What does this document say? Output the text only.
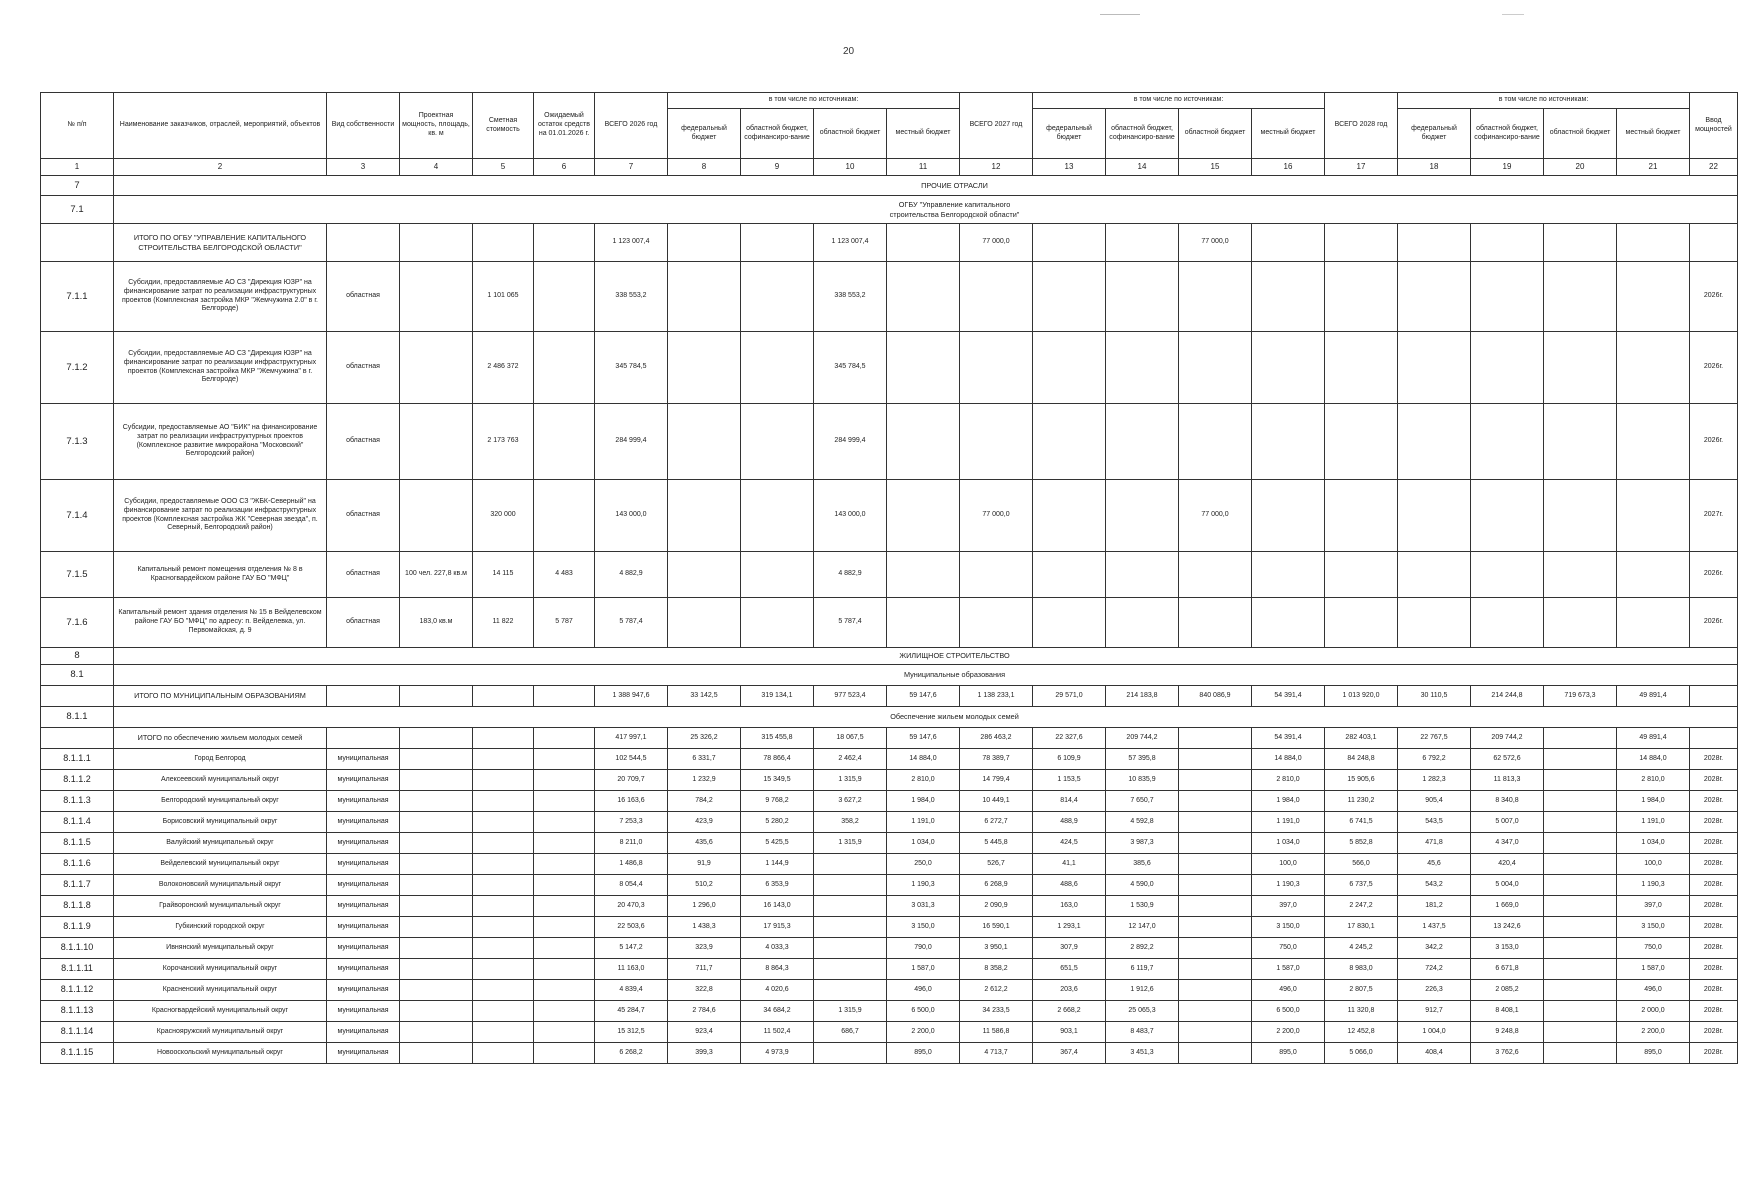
20
№ п/п	Наименование заказчиков, отраслей, мероприятий, объектов	Вид собственности	Проектная мощность, площадь, кв. м	Сметная стоимость	Ожидаемый остаток средств на 01.01.2026 г.	ВСЕГО 2026 год	в том числе по источникам:				ВСЕГО 2027 год	в том числе по источникам:				ВСЕГО 2028 год	в том числе по источникам:				Ввод мощностей
							федеральный бюджет	областной бюджет, софинансиро-вание	областной бюджет	местный бюджет		федеральный бюджет	областной бюджет, софинансиро-вание	областной бюджет	местный бюджет		федеральный бюджет	областной бюджет, софинансиро-вание	областной бюджет	местный бюджет	
1	2	3	4	5	6	7	8	9	10	11	12	13	14	15	16	17	18	19	20	21	22
7	ПРОЧИЕ ОТРАСЛИ																				
7.1	ОГБУ "Управление капитального строительства Белгородской области"																				
	ИТОГО ПО ОГБУ "УПРАВЛЕНИЕ КАПИТАЛЬНОГО СТРОИТЕЛЬСТВА БЕЛГОРОДСКОЙ ОБЛАСТИ"					1 123 007,4			1 123 007,4		77 000,0			77 000,0							
7.1.1	Субсидии, предоставляемые АО СЗ "Дирекция ЮЗР" на финансирование затрат по реализации инфраструктурных проектов (Комплексная застройка МКР "Жемчужина 2.0" в г. Белгороде)	областная		1 101 065		338 553,2			338 553,2												2026г.
7.1.2	Субсидии, предоставляемые АО СЗ "Дирекция ЮЗР" на финансирование затрат по реализации инфраструктурных проектов (Комплексная застройка МКР "Жемчужина" в г. Белгороде)	областная		2 486 372		345 784,5			345 784,5												2026г.
7.1.3	Субсидии, предоставляемые АО "БИК" на финансирование затрат по реализации инфраструктурных проектов (Комплексное развитие микрорайона "Московский" Белгородский район)	областная		2 173 763		284 999,4			284 999,4												2026г.
7.1.4	Субсидии, предоставляемые ООО СЗ "ЖБК-Северный" на финансирование затрат по реализации инфраструктурных проектов (Комплексная застройка ЖК "Северная звезда", п. Северный, Белгородский район)	областная		320 000		143 000,0			143 000,0		77 000,0			77 000,0							2027г.
7.1.5	Капитальный ремонт помещения отделения № 8 в Красногвардейском районе ГАУ БО "МФЦ"	областная	100 чел. 227,8 кв.м	14 115	4 483	4 882,9			4 882,9												2026г.
7.1.6	Капитальный ремонт здания отделения № 15 в Вейделевском районе ГАУ БО "МФЦ" по адресу: п. Вейделевка, ул. Первомайская, д. 9	областная	183,0 кв.м	11 822	5 787	5 787,4			5 787,4												2026г.
8	ЖИЛИЩНОЕ СТРОИТЕЛЬСТВО																				
8.1	Муниципальные образования																				
	ИТОГО ПО МУНИЦИПАЛЬНЫМ ОБРАЗОВАНИЯМ					1 388 947,6	33 142,5	319 134,1	977 523,4	59 147,6	1 138 233,1	29 571,0	214 183,8	840 086,9	54 391,4	1 013 920,0	30 110,5	214 244,8	719 673,3	49 891,4	
8.1.1	Обеспечение жильем молодых семей																				
	ИТОГО по обеспечению жильем молодых семей					417 997,1	25 326,2	315 455,8	18 067,5	59 147,6	286 463,2	22 327,6	209 744,2		54 391,4	282 403,1	22 767,5	209 744,2		49 891,4	
8.1.1.1	Город Белгород	муниципальная				102 544,5	6 331,7	78 866,4	2 462,4	14 884,0	78 389,7	6 109,9	57 395,8		14 884,0	84 248,8	6 792,2	62 572,6		14 884,0	2028г.
8.1.1.2	Алексеевский муниципальный округ	муниципальная				20 709,7	1 232,9	15 349,5	1 315,9	2 810,0	14 799,4	1 153,5	10 835,9		2 810,0	15 905,6	1 282,3	11 813,3		2 810,0	2028г.
8.1.1.3	Белгородский муниципальный округ	муниципальная				16 163,6	784,2	9 768,2	3 627,2	1 984,0	10 449,1	814,4	7 650,7		1 984,0	11 230,2	905,4	8 340,8		1 984,0	2028г.
8.1.1.4	Борисовский муниципальный округ	муниципальная				7 253,3	423,9	5 280,2	358,2	1 191,0	6 272,7	488,9	4 592,8		1 191,0	6 741,5	543,5	5 007,0		1 191,0	2028г.
8.1.1.5	Валуйский муниципальный округ	муниципальная				8 211,0	435,6	5 425,5	1 315,9	1 034,0	5 445,8	424,5	3 987,3		1 034,0	5 852,8	471,8	4 347,0		1 034,0	2028г.
8.1.1.6	Вейделевский муниципальный округ	муниципальная				1 486,8	91,9	1 144,9		250,0	526,7	41,1	385,6		100,0	566,0	45,6	420,4		100,0	2028г.
8.1.1.7	Волоконовский муниципальный округ	муниципальная				8 054,4	510,2	6 353,9		1 190,3	6 268,9	488,6	4 590,0		1 190,3	6 737,5	543,2	5 004,0		1 190,3	2028г.
8.1.1.8	Грайворонский муниципальный округ	муниципальная				20 470,3	1 296,0	16 143,0		3 031,3	2 090,9	163,0	1 530,9		397,0	2 247,2	181,2	1 669,0		397,0	2028г.
8.1.1.9	Губкинский городской округ	муниципальная				22 503,6	1 438,3	17 915,3		3 150,0	16 590,1	1 293,1	12 147,0		3 150,0	17 830,1	1 437,5	13 242,6		3 150,0	2028г.
8.1.1.10	Ивнянский муниципальный округ	муниципальная				5 147,2	323,9	4 033,3		790,0	3 950,1	307,9	2 892,2		750,0	4 245,2	342,2	3 153,0		750,0	2028г.
8.1.1.11	Корочанский муниципальный округ	муниципальная				11 163,0	711,7	8 864,3		1 587,0	8 358,2	651,5	6 119,7		1 587,0	8 983,0	724,2	6 671,8		1 587,0	2028г.
8.1.1.12	Красненский муниципальный округ	муниципальная				4 839,4	322,8	4 020,6		496,0	2 612,2	203,6	1 912,6		496,0	2 807,5	226,3	2 085,2		496,0	2028г.
8.1.1.13	Красногвардейский муниципальный округ	муниципальная				45 284,7	2 784,6	34 684,2	1 315,9	6 500,0	34 233,5	2 668,2	25 065,3		6 500,0	11 320,8	912,7	8 408,1		2 000,0	2028г.
8.1.1.14	Краснояружский муниципальный округ	муниципальная				15 312,5	923,4	11 502,4	686,7	2 200,0	11 586,8	903,1	8 483,7		2 200,0	12 452,8	1 004,0	9 248,8		2 200,0	2028г.
8.1.1.15	Новооскольский муниципальный округ	муниципальная				6 268,2	399,3	4 973,9		895,0	4 713,7	367,4	3 451,3		895,0	5 066,0	408,4	3 762,6		895,0	2028г.
